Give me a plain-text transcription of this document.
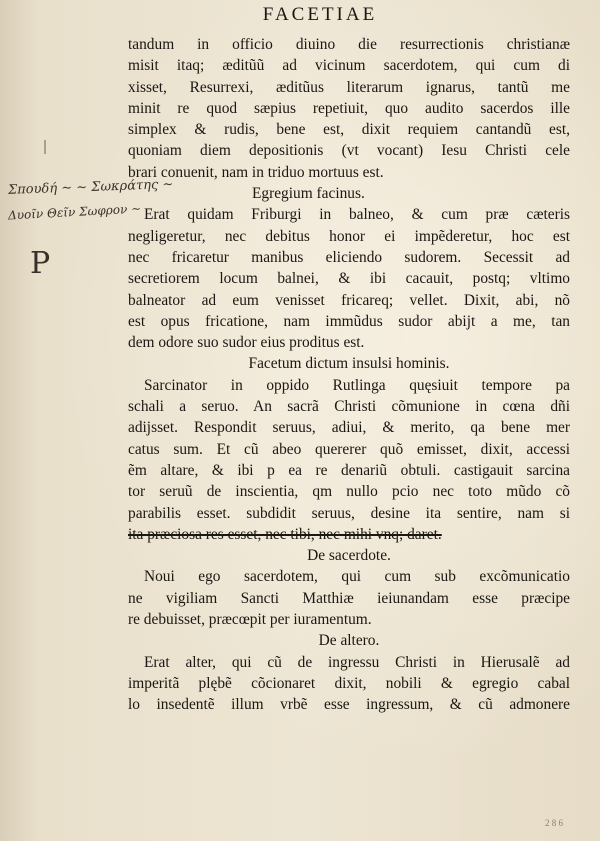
FACETIAE
Σπουδή ~ ~ Σωκράτης ~
Δυοῖν Θεῖν Σωφρον ~
P
tandum in officio diuino die resurrectionis christianæ
misit itaq; æditũũ ad vicinum sacerdotem, qui cum di
xisset, Resurrexi, æditũus literarum ignarus, tantũ me
minit re quod sæpius repetiuit, quo audito sacerdos ille
simplex & rudis, bene est, dixit requiem cantandũ est,
quoniam diem depositionis (vt vocant) Iesu Christi cele
brari conuenit, nam in triduo mortuus est.
Egregium facinus.
Erat quidam Friburgi in balneo, & cum præ cæteris
negligeretur, nec debitus honor ei impẽderetur, hoc est
nec fricaretur manibus eliciendo sudorem. Secessit ad
secretiorem locum balnei, & ibi cacauit, postq; vltimo
balneator ad eum venisset fricareq; vellet. Dixit, abi, nõ
est opus fricatione, nam immũdus sudor abijt a me, tan
dem odore suo sudor eius proditus est.
Facetum dictum insulsi hominis.
Sarcinator in oppido Rutlinga quęsiuit tempore pa
schali a seruo. An sacrã Christi cõmunione in cœna dñi
adijsset. Respondit seruus, adiui, & merito, qa bene mer
catus sum. Et cũ abeo quererer quõ emisset, dixit, accessi
ẽm altare, & ibi p ea re denariũ obtuli. castigauit sarcina
tor seruũ de inscientia, qm nullo pcio nec toto mũdo cõ
parabilis esset. subdidit seruus, desine ita sentire, nam si
ita præciosa res esset, nec tibi, nec mihi vnq; daret.
De sacerdote.
Noui ego sacerdotem, qui cum sub excõmunicatio
ne vigiliam Sancti Matthiæ ieiunandam esse præcipe
re debuisset, præcœpit per iuramentum.
De altero.
Erat alter, qui cũ de ingressu Christi in Hierusalẽ ad
imperitã plębẽ cõcionaret dixit, nobili & egregio cabal
lo insedentẽ illum vrbẽ esse ingressum, & cũ admonere
2 8 6
